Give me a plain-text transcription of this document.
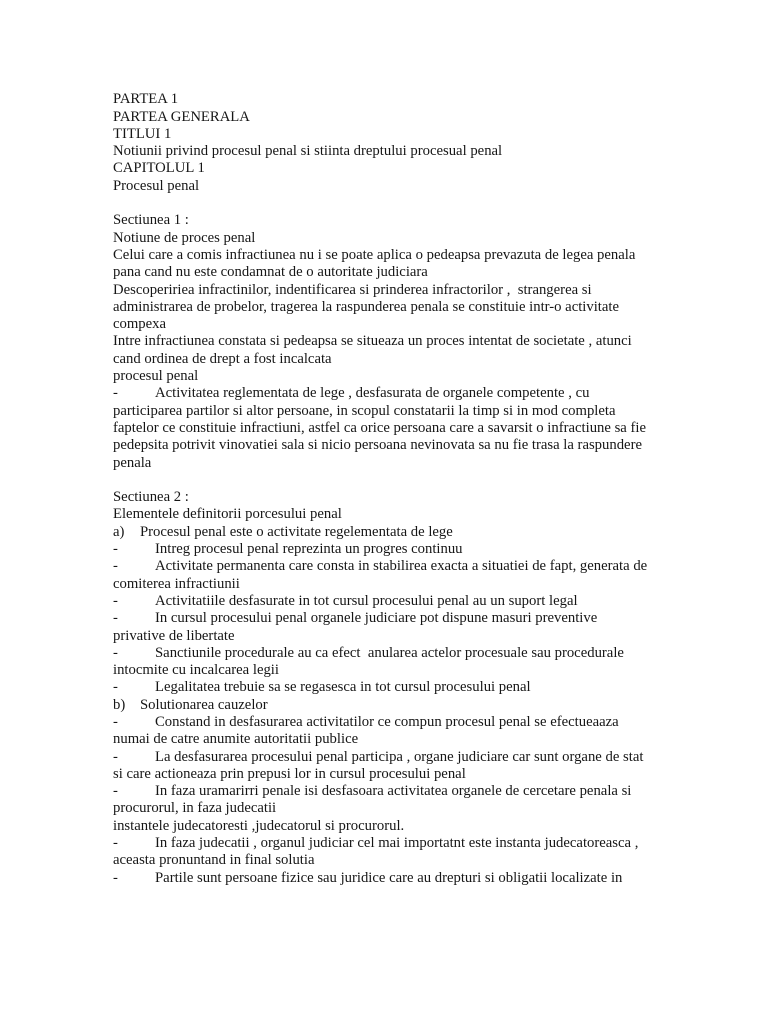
PARTEA 1
PARTEA GENERALA
TITLUI 1
Notiunii privind procesul penal si stiinta dreptului procesual penal
CAPITOLUL 1
Procesul penal
Sectiunea 1 :
Notiune de proces penal
Celui care a comis infractiunea nu i se poate aplica o pedeapsa prevazuta de legea penala
pana cand nu este condamnat de o autoritate judiciara
Descopeririea infractinilor, indentificarea si prinderea infractorilor ,  strangerea si
administrarea de probelor, tragerea la raspunderea penala se constituie intr-o activitate
compexa
Intre infractiunea constata si pedeapsa se situeaza un proces intentat de societate , atunci
cand ordinea de drept a fost incalcata
procesul penal
-	Activitatea reglementata de lege , desfasurata de organele competente , cu
participarea partilor si altor persoane, in scopul constatarii la timp si in mod completa
faptelor ce constituie infractiuni, astfel ca orice persoana care a savarsit o infractiune sa fie
pedepsita potrivit vinovatiei sala si nicio persoana nevinovata sa nu fie trasa la raspundere
penala
Sectiunea 2 :
Elementele definitorii porcesului penal
a) Procesul penal este o activitate regelementata de lege
-	Intreg procesul penal reprezinta un progres continuu
-	Activitate permanenta care consta in stabilirea exacta a situatiei de fapt, generata de
comiterea infractiunii
-	Activitatiile desfasurate in tot cursul procesului penal au un suport legal
-	In cursul procesului penal organele judiciare pot dispune masuri preventive
privative de libertate
-	Sanctiunile procedurale au ca efect  anularea actelor procesuale sau procedurale
intocmite cu incalcarea legii
-	Legalitatea trebuie sa se regasesca in tot cursul procesului penal
b) Solutionarea cauzelor
-	Constand in desfasurarea activitatilor ce compun procesul penal se efectueaaza
numai de catre anumite autoritatii publice
-	La desfasurarea procesului penal participa , organe judiciare car sunt organe de stat
si care actioneaza prin prepusi lor in cursul procesului penal
-	In faza uramarirri penale isi desfasoara activitatea organele de cercetare penala si
procurorul, in faza judecatii
instantele judecatoresti ,judecatorul si procurorul.
-	In faza judecatii , organul judiciar cel mai importatnt este instanta judecatoreasca ,
aceasta pronuntand in final solutia
-	Partile sunt persoane fizice sau juridice care au drepturi si obligatii localizate in
